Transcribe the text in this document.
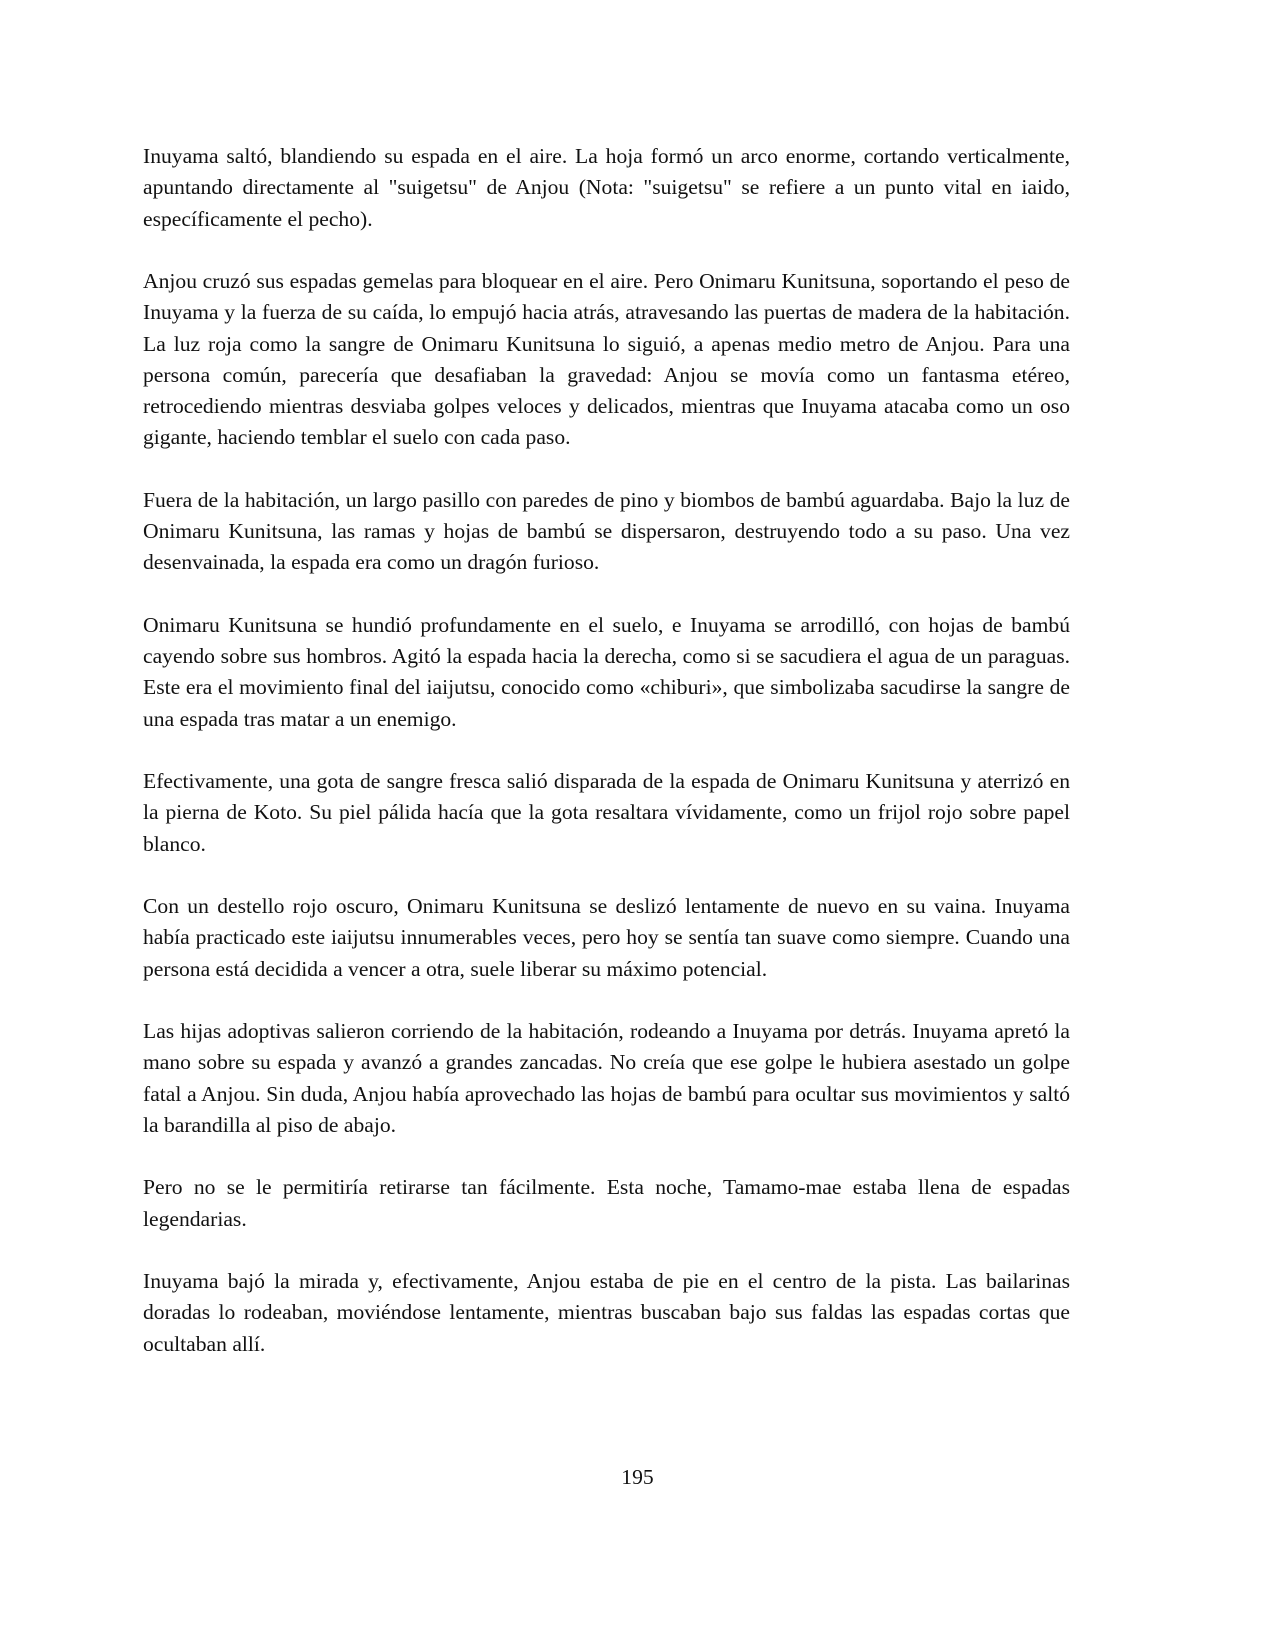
Inuyama saltó, blandiendo su espada en el aire. La hoja formó un arco enorme, cortando verticalmente, apuntando directamente al "suigetsu" de Anjou (Nota: "suigetsu" se refiere a un punto vital en iaido, específicamente el pecho).

Anjou cruzó sus espadas gemelas para bloquear en el aire. Pero Onimaru Kunitsuna, soportando el peso de Inuyama y la fuerza de su caída, lo empujó hacia atrás, atravesando las puertas de madera de la habitación. La luz roja como la sangre de Onimaru Kunitsuna lo siguió, a apenas medio metro de Anjou. Para una persona común, parecería que desafiaban la gravedad: Anjou se movía como un fantasma etéreo, retrocediendo mientras desviaba golpes veloces y delicados, mientras que Inuyama atacaba como un oso gigante, haciendo temblar el suelo con cada paso.

Fuera de la habitación, un largo pasillo con paredes de pino y biombos de bambú aguardaba. Bajo la luz de Onimaru Kunitsuna, las ramas y hojas de bambú se dispersaron, destruyendo todo a su paso. Una vez desenvainada, la espada era como un dragón furioso.

Onimaru Kunitsuna se hundió profundamente en el suelo, e Inuyama se arrodilló, con hojas de bambú cayendo sobre sus hombros. Agitó la espada hacia la derecha, como si se sacudiera el agua de un paraguas. Este era el movimiento final del iaijutsu, conocido como «chiburi», que simbolizaba sacudirse la sangre de una espada tras matar a un enemigo.

Efectivamente, una gota de sangre fresca salió disparada de la espada de Onimaru Kunitsuna y aterrizó en la pierna de Koto. Su piel pálida hacía que la gota resaltara vívidamente, como un frijol rojo sobre papel blanco.

Con un destello rojo oscuro, Onimaru Kunitsuna se deslizó lentamente de nuevo en su vaina. Inuyama había practicado este iaijutsu innumerables veces, pero hoy se sentía tan suave como siempre. Cuando una persona está decidida a vencer a otra, suele liberar su máximo potencial.

Las hijas adoptivas salieron corriendo de la habitación, rodeando a Inuyama por detrás. Inuyama apretó la mano sobre su espada y avanzó a grandes zancadas. No creía que ese golpe le hubiera asestado un golpe fatal a Anjou. Sin duda, Anjou había aprovechado las hojas de bambú para ocultar sus movimientos y saltó la barandilla al piso de abajo.

Pero no se le permitiría retirarse tan fácilmente. Esta noche, Tamamo-mae estaba llena de espadas legendarias.

Inuyama bajó la mirada y, efectivamente, Anjou estaba de pie en el centro de la pista. Las bailarinas doradas lo rodeaban, moviéndose lentamente, mientras buscaban bajo sus faldas las espadas cortas que ocultaban allí.

195
